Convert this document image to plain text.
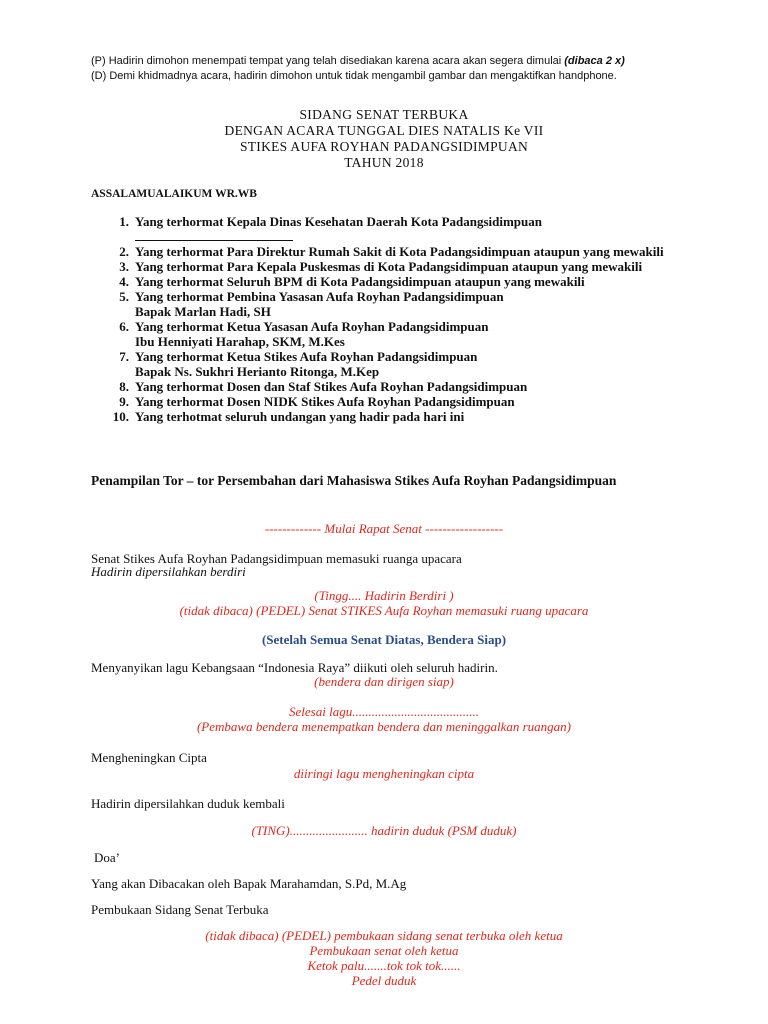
(P) Hadirin dimohon menempati tempat yang telah disediakan karena acara akan segera dimulai (dibaca 2 x)
(D) Demi khidmadnya acara, hadirin dimohon untuk tidak mengambil gambar dan mengaktifkan handphone.
SIDANG SENAT TERBUKA
DENGAN ACARA TUNGGAL DIES NATALIS Ke VII
STIKES AUFA ROYHAN PADANGSIDIMPUAN
TAHUN 2018
ASSALAMUALAIKUM WR.WB
1. Yang terhormat Kepala Dinas Kesehatan Daerah Kota Padangsidimpuan

2. Yang terhormat Para Direktur Rumah Sakit di Kota Padangsidimpuan ataupun yang mewakili
3. Yang terhormat Para Kepala Puskesmas di Kota Padangsidimpuan ataupun yang mewakili
4. Yang terhormat Seluruh BPM di Kota Padangsidimpuan ataupun yang mewakili
5. Yang terhormat Pembina Yasasan Aufa Royhan Padangsidimpuan
Bapak Marlan Hadi, SH
6. Yang terhormat Ketua Yasasan Aufa Royhan Padangsidimpuan
Ibu Henniyati Harahap, SKM, M.Kes
7. Yang terhormat Ketua Stikes Aufa Royhan Padangsidimpuan
Bapak Ns. Sukhri Herianto Ritonga, M.Kep
8. Yang terhormat Dosen dan Staf Stikes Aufa Royhan Padangsidimpuan
9. Yang terhormat Dosen NIDK Stikes Aufa Royhan Padangsidimpuan
10. Yang terhotmat seluruh undangan yang hadir pada hari ini
Penampilan Tor – tor Persembahan dari Mahasiswa Stikes Aufa Royhan Padangsidimpuan
------------- Mulai Rapat Senat ------------------
Senat Stikes Aufa Royhan Padangsidimpuan memasuki ruanga upacara
Hadirin dipersilahkan berdiri
(Tingg.... Hadirin Berdiri )
(tidak dibaca) (PEDEL) Senat STIKES Aufa Royhan memasuki ruang upacara
(Setelah Semua Senat Diatas, Bendera Siap)
Menyanyikan lagu Kebangsaan “Indonesia Raya” diikuti oleh seluruh hadirin.
(bendera dan dirigen siap)
Selesai lagu.......................................
(Pembawa bendera menempatkan bendera dan meninggalkan ruangan)
Mengheningkan Cipta
diiringi lagu mengheningkan cipta
Hadirin dipersilahkan duduk kembali
(TING)........................ hadirin duduk (PSM duduk)
Doa’
Yang akan Dibacakan oleh Bapak Marahamdan, S.Pd, M.Ag
Pembukaan Sidang Senat Terbuka
(tidak dibaca) (PEDEL) pembukaan sidang senat terbuka oleh ketua
Pembukaan senat oleh ketua
Ketok palu.......tok tok tok......
Pedel duduk
